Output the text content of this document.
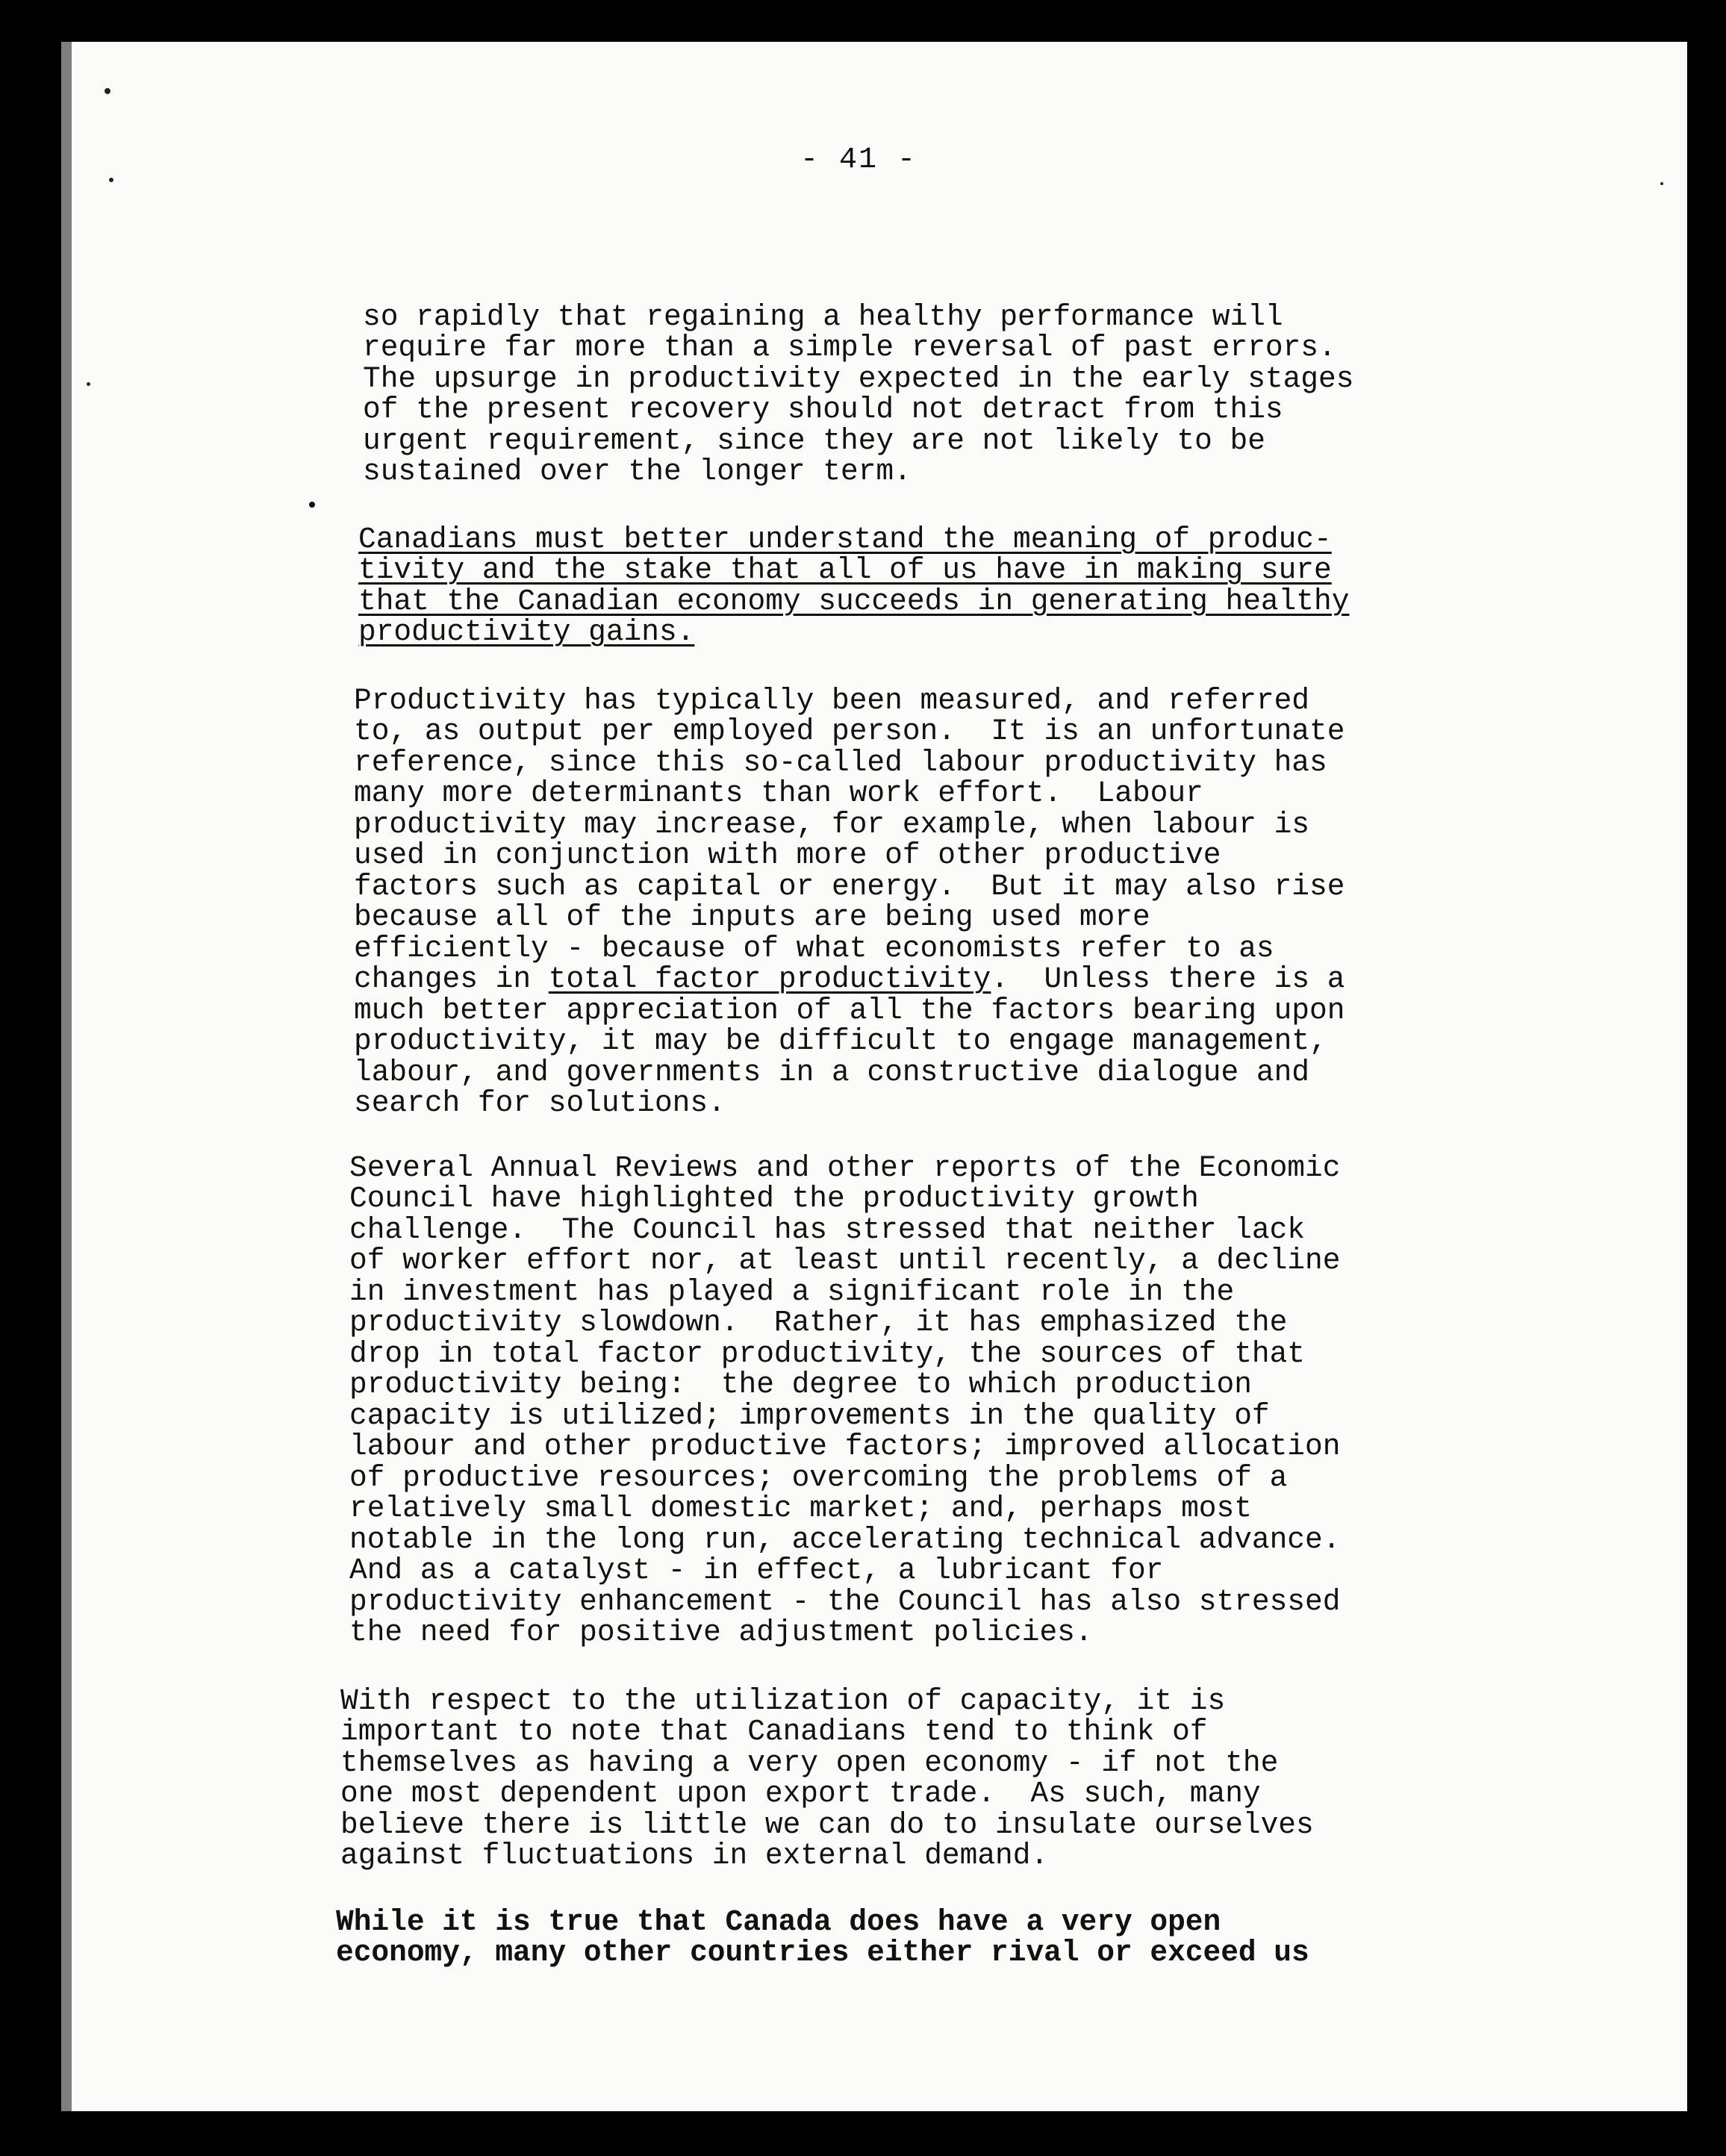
- 41 -

so rapidly that regaining a healthy performance will
require far more than a simple reversal of past errors.
The upsurge in productivity expected in the early stages
of the present recovery should not detract from this
urgent requirement, since they are not likely to be
sustained over the longer term.

Canadians must better understand the meaning of produc-
tivity and the stake that all of us have in making sure
that the Canadian economy succeeds in generating healthy
productivity gains.

Productivity has typically been measured, and referred
to, as output per employed person.  It is an unfortunate
reference, since this so-called labour productivity has
many more determinants than work effort.  Labour
productivity may increase, for example, when labour is
used in conjunction with more of other productive
factors such as capital or energy.  But it may also rise
because all of the inputs are being used more
efficiently - because of what economists refer to as
changes in total factor productivity.  Unless there is a
much better appreciation of all the factors bearing upon
productivity, it may be difficult to engage management,
labour, and governments in a constructive dialogue and
search for solutions.

Several Annual Reviews and other reports of the Economic
Council have highlighted the productivity growth
challenge.  The Council has stressed that neither lack
of worker effort nor, at least until recently, a decline
in investment has played a significant role in the
productivity slowdown.  Rather, it has emphasized the
drop in total factor productivity, the sources of that
productivity being:  the degree to which production
capacity is utilized; improvements in the quality of
labour and other productive factors; improved allocation
of productive resources; overcoming the problems of a
relatively small domestic market; and, perhaps most
notable in the long run, accelerating technical advance.
And as a catalyst - in effect, a lubricant for
productivity enhancement - the Council has also stressed
the need for positive adjustment policies.

With respect to the utilization of capacity, it is
important to note that Canadians tend to think of
themselves as having a very open economy - if not the
one most dependent upon export trade.  As such, many
believe there is little we can do to insulate ourselves
against fluctuations in external demand.

While it is true that Canada does have a very open
economy, many other countries either rival or exceed us
